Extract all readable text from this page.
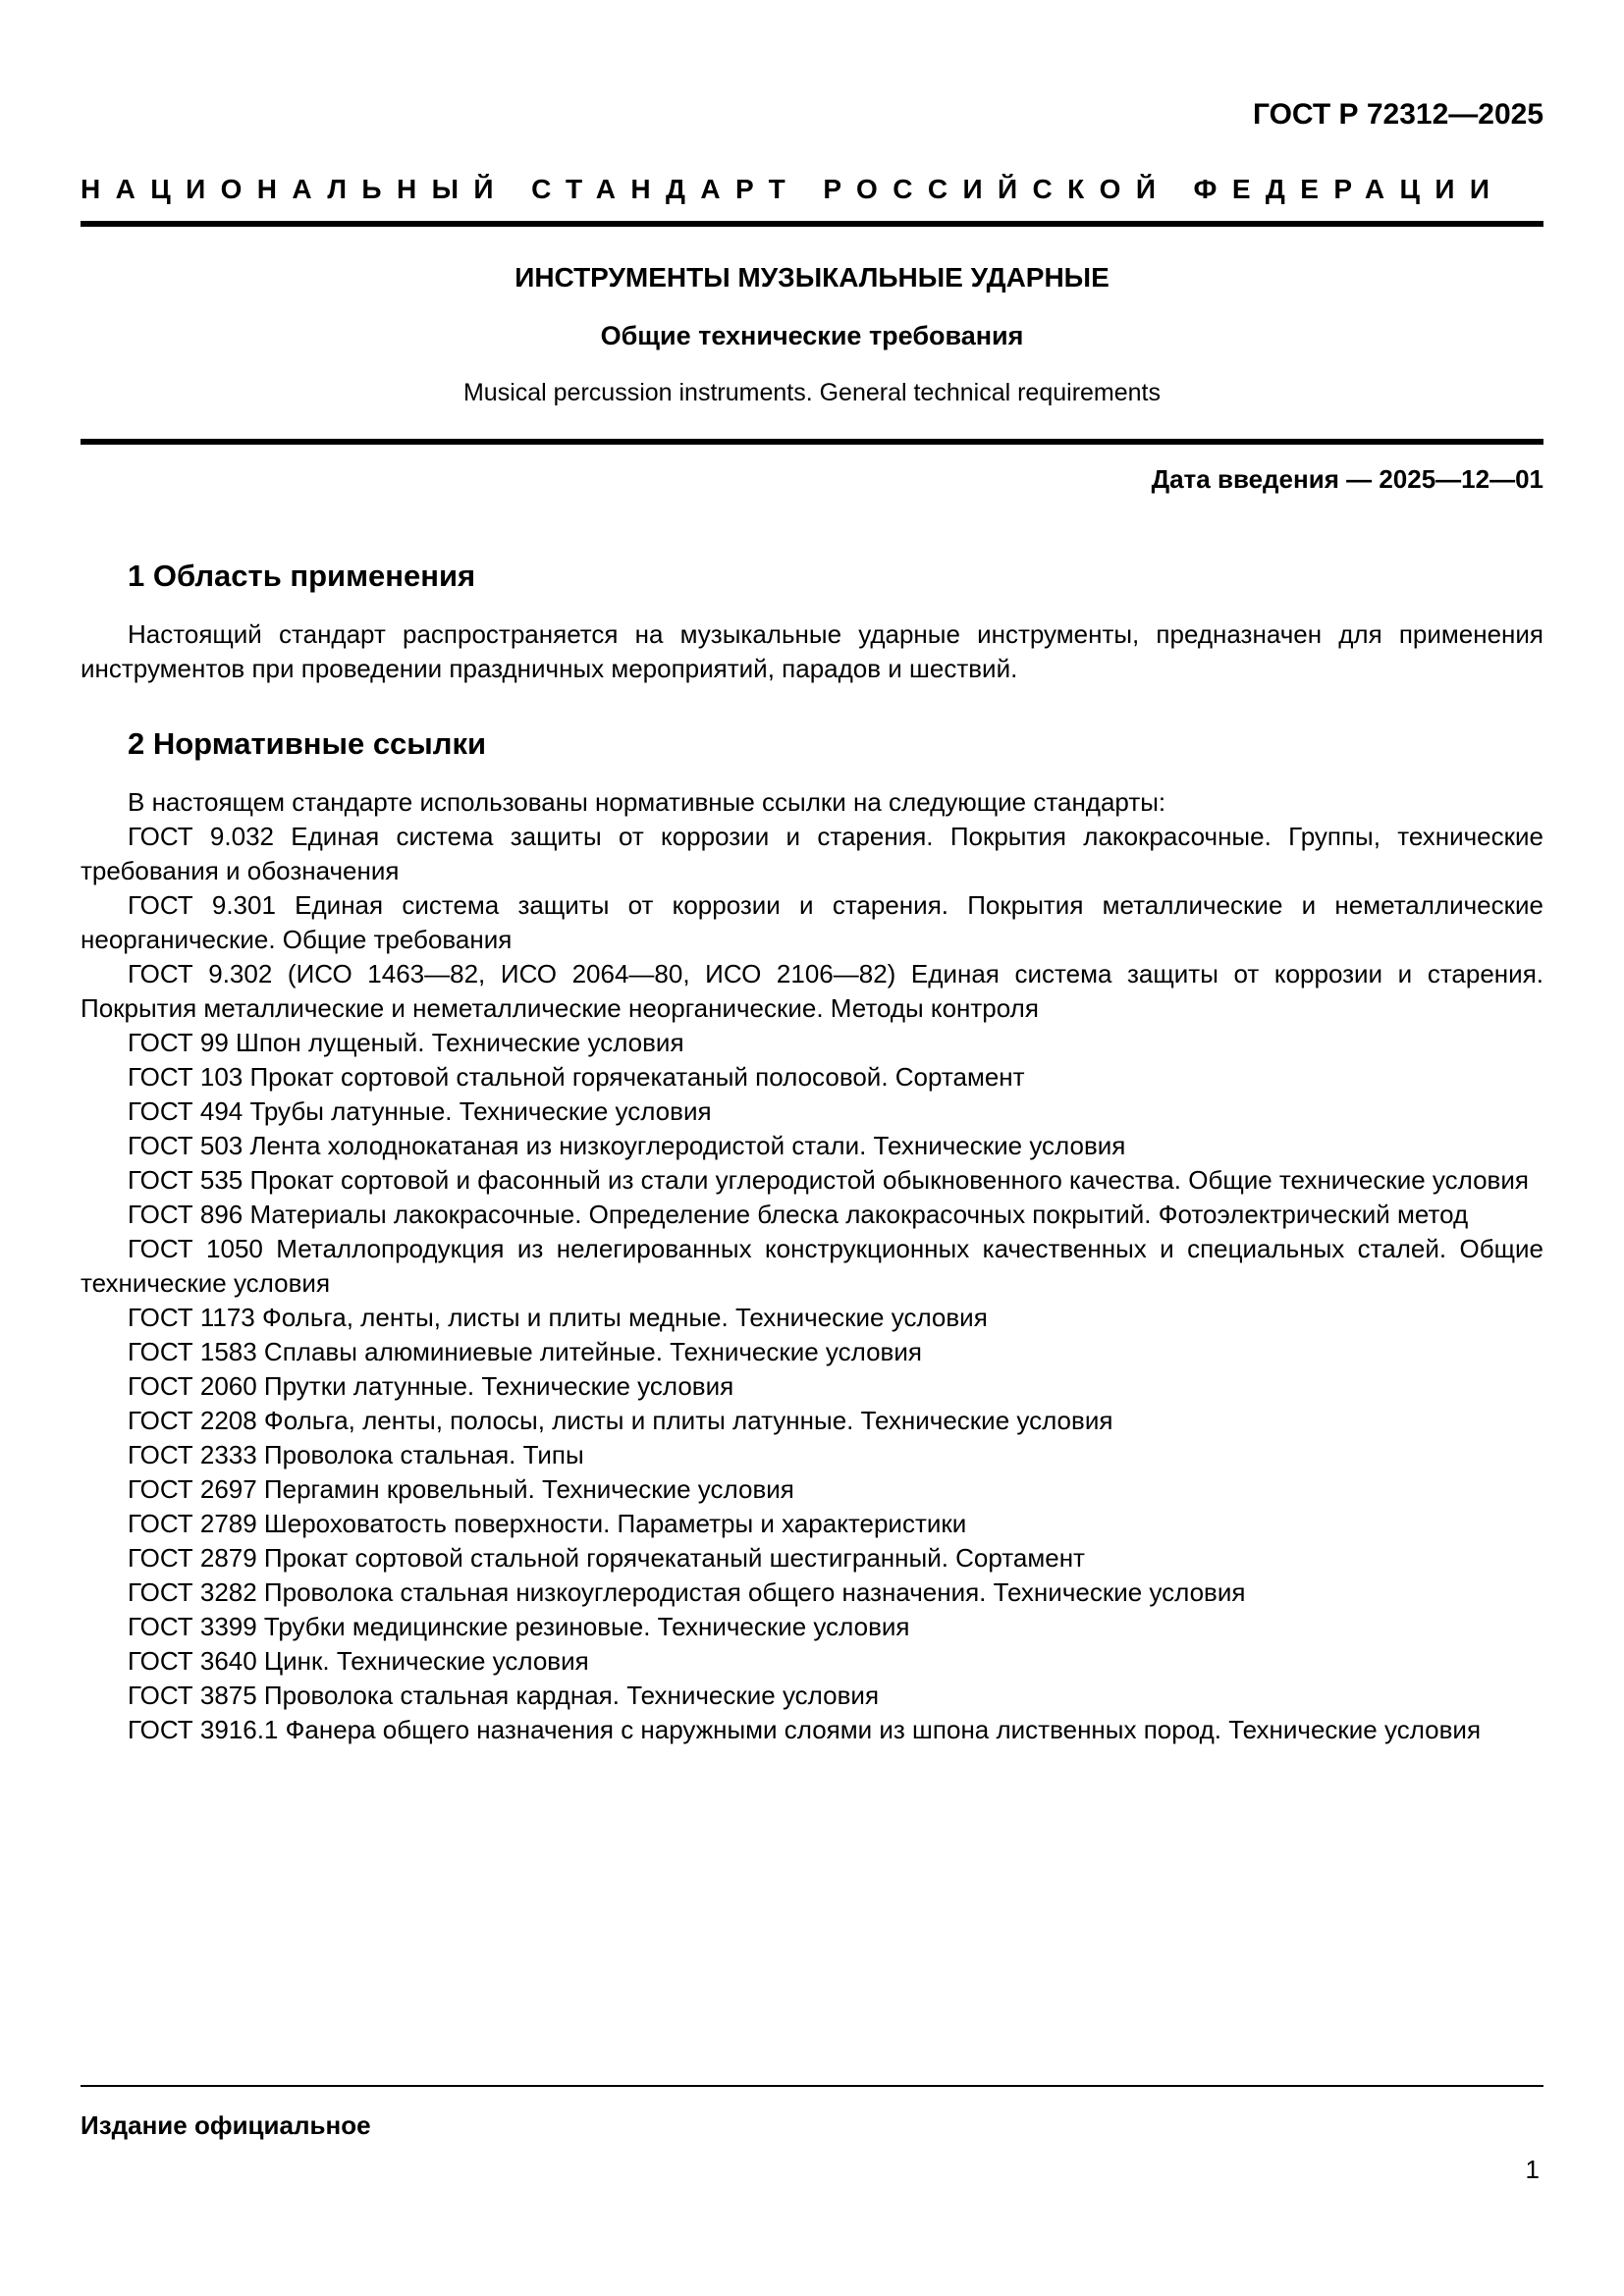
ГОСТ Р 72312—2025
НАЦИОНАЛЬНЫЙ СТАНДАРТ РОССИЙСКОЙ ФЕДЕРАЦИИ
ИНСТРУМЕНТЫ МУЗЫКАЛЬНЫЕ УДАРНЫЕ
Общие технические требования
Musical percussion instruments. General technical requirements
Дата введения — 2025—12—01
1 Область применения

Настоящий стандарт распространяется на музыкальные ударные инструменты, предназначен для применения инструментов при проведении праздничных мероприятий, парадов и шествий.

2 Нормативные ссылки

В настоящем стандарте использованы нормативные ссылки на следующие стандарты:

ГОСТ 9.032 Единая система защиты от коррозии и старения. Покрытия лакокрасочные. Группы, технические требования и обозначения

ГОСТ 9.301 Единая система защиты от коррозии и старения. Покрытия металлические и неметаллические неорганические. Общие требования

ГОСТ 9.302 (ИСО 1463—82, ИСО 2064—80, ИСО 2106—82) Единая система защиты от коррозии и старения. Покрытия металлические и неметаллические неорганические. Методы контроля

ГОСТ 99 Шпон лущеный. Технические условия

ГОСТ 103 Прокат сортовой стальной горячекатаный полосовой. Сортамент

ГОСТ 494 Трубы латунные. Технические условия

ГОСТ 503 Лента холоднокатаная из низкоуглеродистой стали. Технические условия

ГОСТ 535 Прокат сортовой и фасонный из стали углеродистой обыкновенного качества. Общие технические условия

ГОСТ 896 Материалы лакокрасочные. Определение блеска лакокрасочных покрытий. Фотоэлектрический метод

ГОСТ 1050 Металлопродукция из нелегированных конструкционных качественных и специальных сталей. Общие технические условия

ГОСТ 1173 Фольга, ленты, листы и плиты медные. Технические условия

ГОСТ 1583 Сплавы алюминиевые литейные. Технические условия

ГОСТ 2060 Прутки латунные. Технические условия

ГОСТ 2208 Фольга, ленты, полосы, листы и плиты латунные. Технические условия

ГОСТ 2333 Проволока стальная. Типы

ГОСТ 2697 Пергамин кровельный. Технические условия

ГОСТ 2789 Шероховатость поверхности. Параметры и характеристики

ГОСТ 2879 Прокат сортовой стальной горячекатаный шестигранный. Сортамент

ГОСТ 3282 Проволока стальная низкоуглеродистая общего назначения. Технические условия

ГОСТ 3399 Трубки медицинские резиновые. Технические условия

ГОСТ 3640 Цинк. Технические условия

ГОСТ 3875 Проволока стальная кардная. Технические условия

ГОСТ 3916.1 Фанера общего назначения с наружными слоями из шпона лиственных пород. Технические условия

Издание официальное
1
